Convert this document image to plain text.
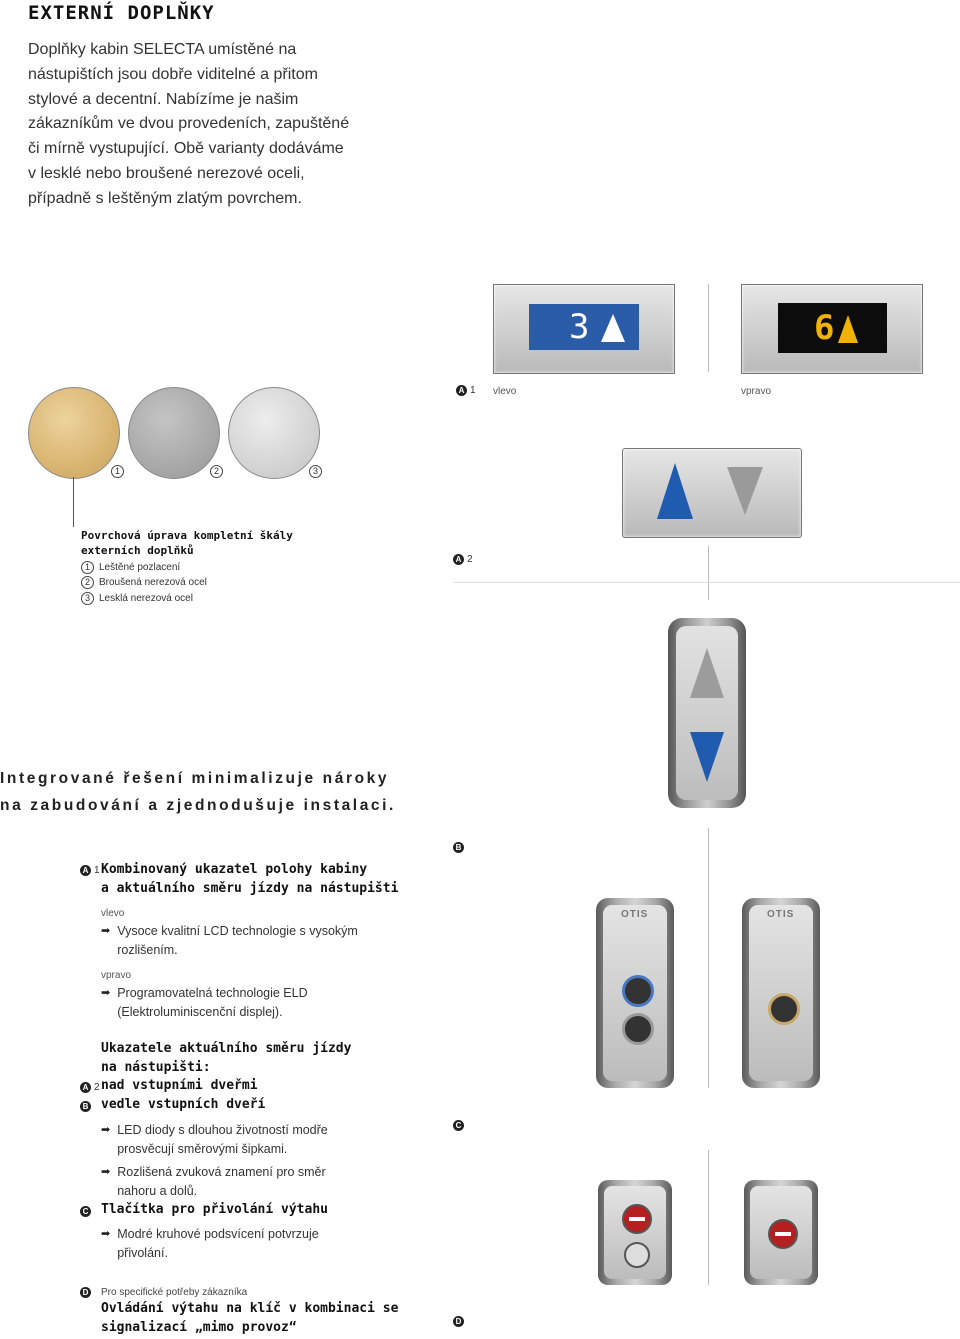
EXTERNÍ DOPLŇKY
Doplňky kabin SELECTA umístěné na
nástupištích jsou dobře viditelné a přitom
stylové a decentní. Nabízíme je našim
zákazníkům ve dvou provedeních, zapuštěné
či mírně vystupující. Obě varianty dodáváme
v lesklé nebo broušené nerezové oceli,
případně s leštěným zlatým povrchem.
1	2	3
Povrchová úprava kompletní škály
externích doplňků
1 Leštěné pozlacení
2 Broušená nerezová ocel
3 Lesklá nerezová ocel
3	6
A 1 vlevo	vpravo
A 2
Integrované řešení minimalizuje nároky
na zabudování a zjednodušuje instalaci.
B
OTIS	OTIS
C
D
A 1 Kombinovaný ukazatel polohy kabiny
a aktuálního směru jízdy na nástupišti
vlevo
➡ Vysoce kvalitní LCD technologie s vysokým
rozlišením.
vpravo
➡ Programovatelná technologie ELD
(Elektroluminiscenční displej).
Ukazatele aktuálního směru jízdy
na nástupišti:
nad vstupními dveřmi
vedle vstupních dveří
A 2
B
➡ LED diody s dlouhou životností modře
prosvěcují směrovými šipkami.
➡ Rozlišená zvuková znamení pro směr
nahoru a dolů.
C Tlačítka pro přivolání výtahu
➡ Modré kruhové podsvícení potvrzuje
přivolání.
D Pro specifické potřeby zákazníka
Ovládání výtahu na klíč v kombinaci se
signalizací „mimo provoz“
